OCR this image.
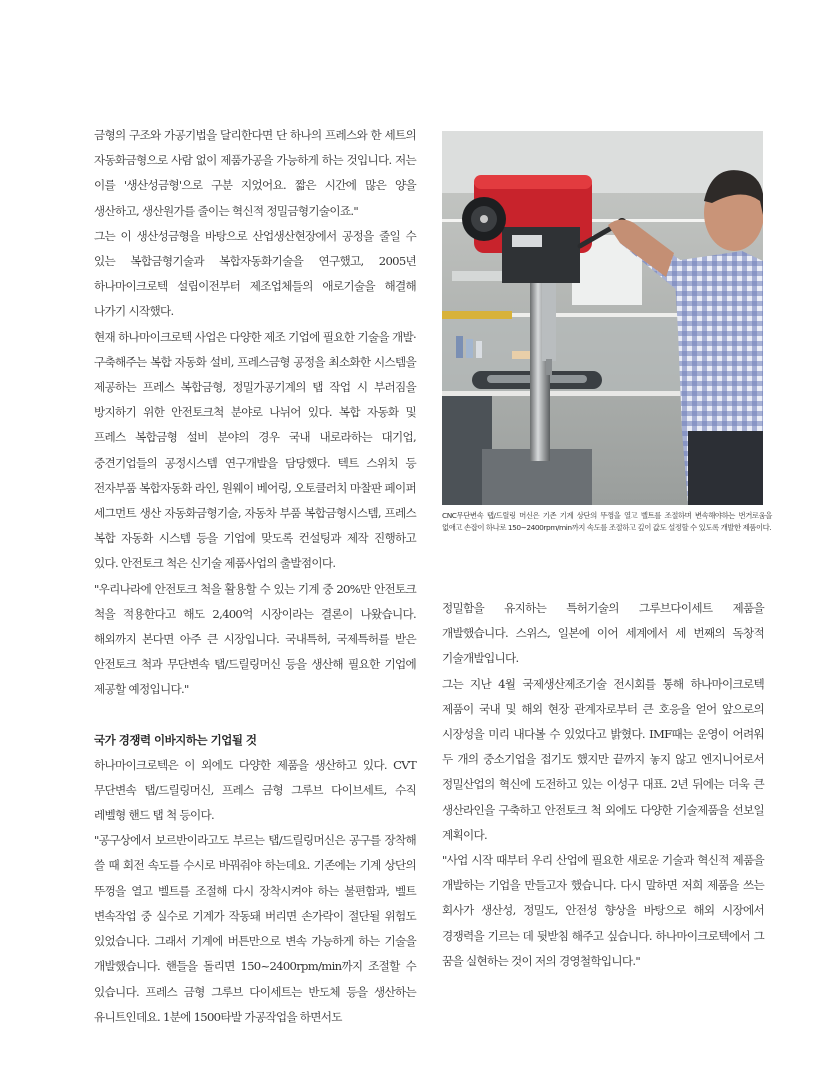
금형의 구조와 가공기법을 달리한다면 단 하나의 프레스와 한 세트의 자동화금형으로 사람 없이 제품가공을 가능하게 하는 것입니다. 저는 이를 '생산성금형'으로 구분 지었어요. 짧은 시간에 많은 양을 생산하고, 생산원가를 줄이는 혁신적 정밀금형기술이죠."

그는 이 생산성금형을 바탕으로 산업생산현장에서 공정을 줄일 수 있는 복합금형기술과 복합자동화기술을 연구했고, 2005년 하나마이크로텍 설립이전부터 제조업체들의 애로기술을 해결해 나가기 시작했다.

현재 하나마이크로텍 사업은 다양한 제조 기업에 필요한 기술을 개발·구축해주는 복합 자동화 설비, 프레스금형 공정을 최소화한 시스템을 제공하는 프레스 복합금형, 정밀가공기계의 탭 작업 시 부러짐을 방지하기 위한 안전토크척 분야로 나뉘어 있다. 복합 자동화 및 프레스 복합금형 설비 분야의 경우 국내 내로라하는 대기업, 중견기업들의 공정시스템 연구개발을 담당했다. 텍트 스위치 등 전자부품 복합자동화 라인, 원웨이 베어링, 오토클러치 마찰판 페이퍼 세그먼트 생산 자동화금형기술, 자동차 부품 복합금형시스템, 프레스 복합 자동화 시스템 등을 기업에 맞도록 컨설팅과 제작 진행하고 있다. 안전토크 척은 신기술 제품사업의 출발점이다.

"우리나라에 안전토크 척을 활용할 수 있는 기계 중 20%만 안전토크 척을 적용한다고 해도 2,400억 시장이라는 결론이 나왔습니다. 해외까지 본다면 아주 큰 시장입니다. 국내특허, 국제특허를 받은 안전토크 척과 무단변속 탭/드릴링머신 등을 생산해 필요한 기업에 제공할 예정입니다."

국가 경쟁력 이바지하는 기업될 것

하나마이크로텍은 이 외에도 다양한 제품을 생산하고 있다. CVT 무단변속 탭/드릴링머신, 프레스 금형 그루브 다이브세트, 수직 레벨형 핸드 탭 척 등이다.

"공구상에서 보르반이라고도 부르는 탭/드릴링머신은 공구를 장착해 쓸 때 회전 속도를 수시로 바꿔줘야 하는데요. 기존에는 기계 상단의 뚜껑을 열고 벨트를 조절해 다시 장착시켜야 하는 불편함과, 벨트 변속작업 중 실수로 기계가 작동돼 버리면 손가락이 절단될 위험도 있었습니다. 그래서 기계에 버튼만으로 변속 가능하게 하는 기술을 개발했습니다. 핸들을 돌리면 150~2400rpm/min까지 조절할 수 있습니다. 프레스 금형 그루브 다이세트는 반도체 등을 생산하는 유니트인데요. 1분에 1500타발 가공작업을 하면서도

CNC무단변속 탭/드릴링 머신은 기존 기계 상단의 뚜껑을 열고 벨트를 조절하며 변속해야하는 번거로움을 없애고 손잡이 하나로 150~2400rpm/min까지 속도를 조절하고 깊이 값도 설정할 수 있도록 개발한 제품이다.

정밀함을 유지하는 특허기술의 그루브다이세트 제품을 개발했습니다. 스위스, 일본에 이어 세계에서 세 번째의 독창적 기술개발입니다.

그는 지난 4월 국제생산제조기술 전시회를 통해 하나마이크로텍 제품이 국내 및 해외 현장 관계자로부터 큰 호응을 얻어 앞으로의 시장성을 미리 내다볼 수 있었다고 밝혔다. IMF때는 운영이 어려워 두 개의 중소기업을 접기도 했지만 끝까지 놓지 않고 엔지니어로서 정밀산업의 혁신에 도전하고 있는 이성구 대표. 2년 뒤에는 더욱 큰 생산라인을 구축하고 안전토크 척 외에도 다양한 기술제품을 선보일 계획이다.

"사업 시작 때부터 우리 산업에 필요한 새로운 기술과 혁신적 제품을 개발하는 기업을 만들고자 했습니다. 다시 말하면 저희 제품을 쓰는 회사가 생산성, 정밀도, 안전성 향상을 바탕으로 해외 시장에서 경쟁력을 기르는 데 뒷받침 해주고 싶습니다. 하나마이크로텍에서 그 꿈을 실현하는 것이 저의 경영철학입니다."
